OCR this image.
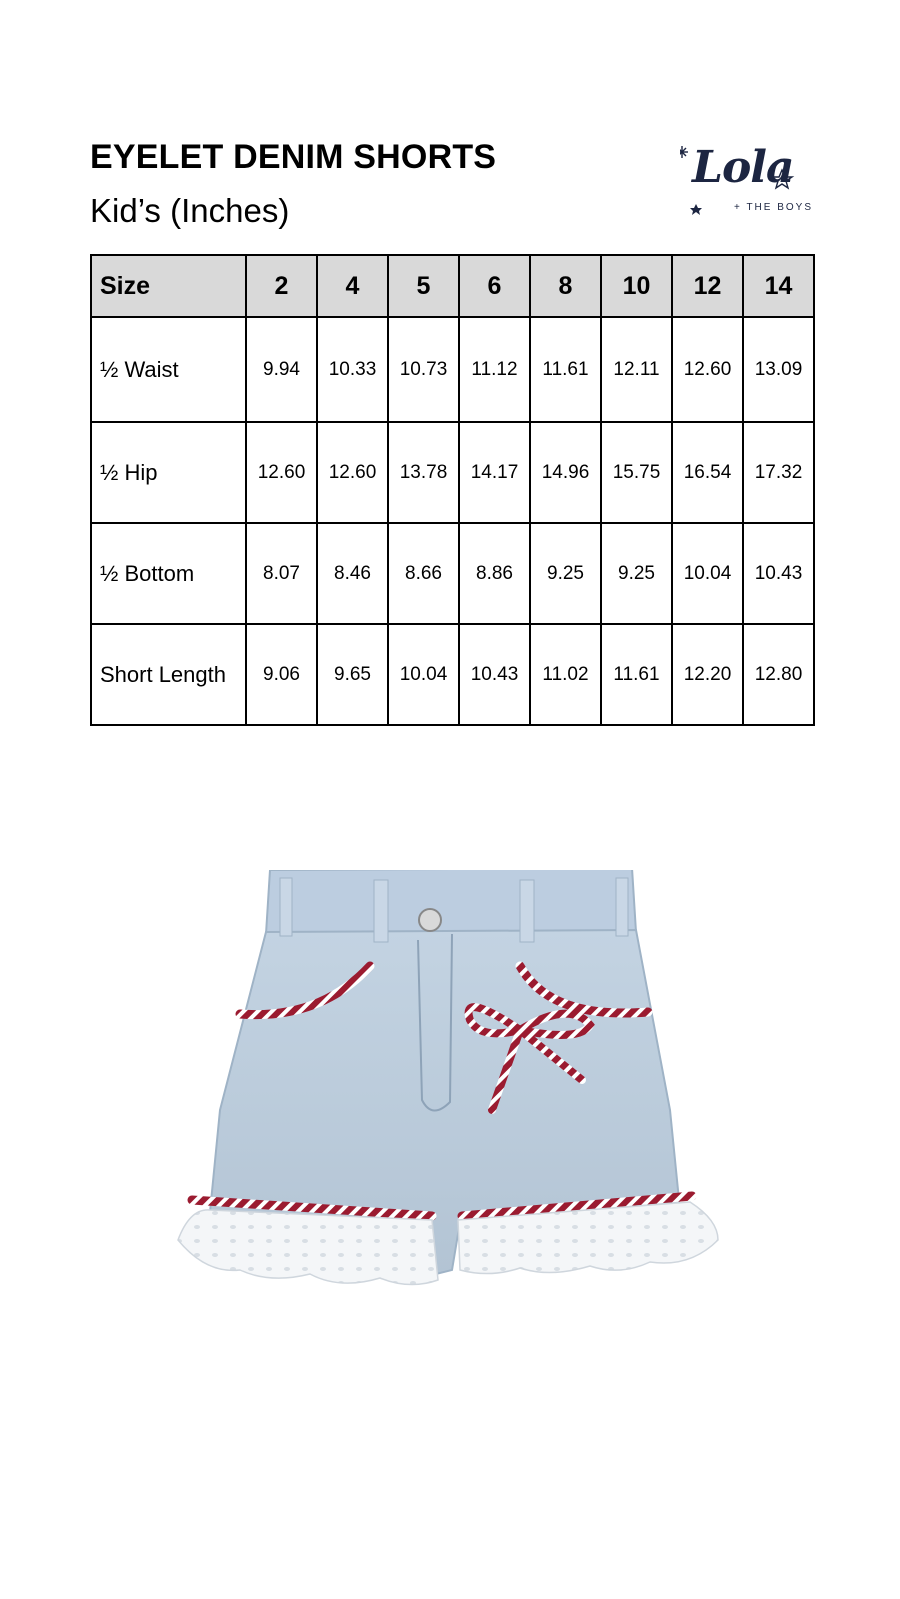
EYELET DENIM SHORTS
Kid’s (Inches)
Lola
+ THE BOYS
Size	2	4	5	6	8	10	12	14
½ Waist	9.94	10.33	10.73	11.12	11.61	12.11	12.60	13.09
½ Hip	12.60	12.60	13.78	14.17	14.96	15.75	16.54	17.32
½ Bottom	8.07	8.46	8.66	8.86	9.25	9.25	10.04	10.43
Short Length	9.06	9.65	10.04	10.43	11.02	11.61	12.20	12.80
